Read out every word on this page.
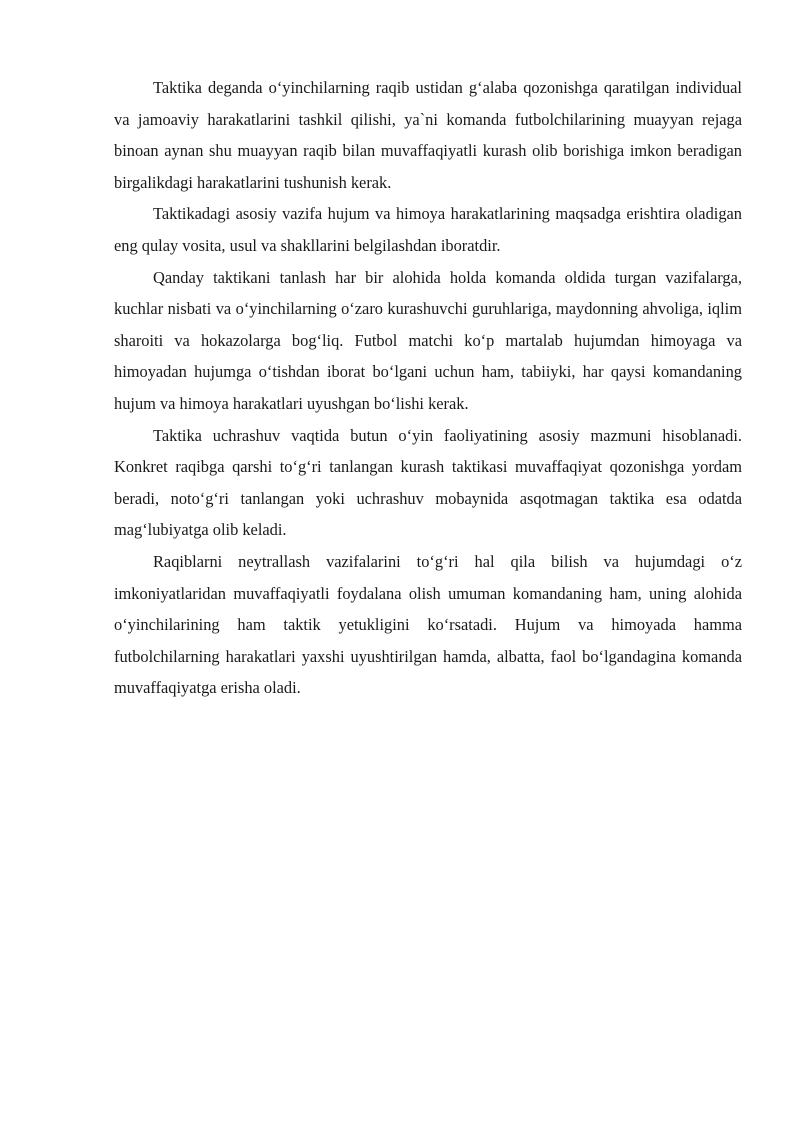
Taktika deganda o‘yinchilarning raqib ustidan g‘alaba qozonishga qaratilgan individual va jamoaviy harakatlarini tashkil qilishi, ya`ni komanda futbolchilarining muayyan rejaga binoan aynan shu muayyan raqib bilan muvaffaqiyatli kurash olib borishiga imkon beradigan birgalikdagi harakatlarini tushunish kerak.

Taktikadagi asosiy vazifa hujum va himoya harakatlarining maqsadga erishtira oladigan eng qulay vosita, usul va shakllarini belgilashdan iboratdir.

Qanday taktikani tanlash har bir alohida holda komanda oldida turgan vazifalarga, kuchlar nisbati va o‘yinchilarning o‘zaro kurashuvchi guruhlariga, maydonning ahvoliga, iqlim sharoiti va hokazolarga bog‘liq. Futbol matchi ko‘p martalab hujumdan himoyaga va himoyadan hujumga o‘tishdan iborat bo‘lgani uchun ham, tabiiyki, har qaysi komandaning hujum va himoya harakatlari uyushgan bo‘lishi kerak.

Taktika uchrashuv vaqtida butun o‘yin faoliyatining asosiy mazmuni hisoblanadi. Konkret raqibga qarshi to‘g‘ri tanlangan kurash taktikasi muvaffaqiyat qozonishga yordam beradi, noto‘g‘ri tanlangan yoki uchrashuv mobaynida asqotmagan taktika esa odatda mag‘lubiyatga olib keladi.

Raqiblarni neytrallash vazifalarini to‘g‘ri hal qila bilish va hujumdagi o‘z imkoniyatlaridan muvaffaqiyatli foydalana olish umuman komandaning ham, uning alohida o‘yinchilarining ham taktik yetukligini ko‘rsatadi. Hujum va himoyada hamma futbolchilarning harakatlari yaxshi uyushtirilgan hamda, albatta, faol bo‘lgandagina komanda muvaffaqiyatga erisha oladi.
